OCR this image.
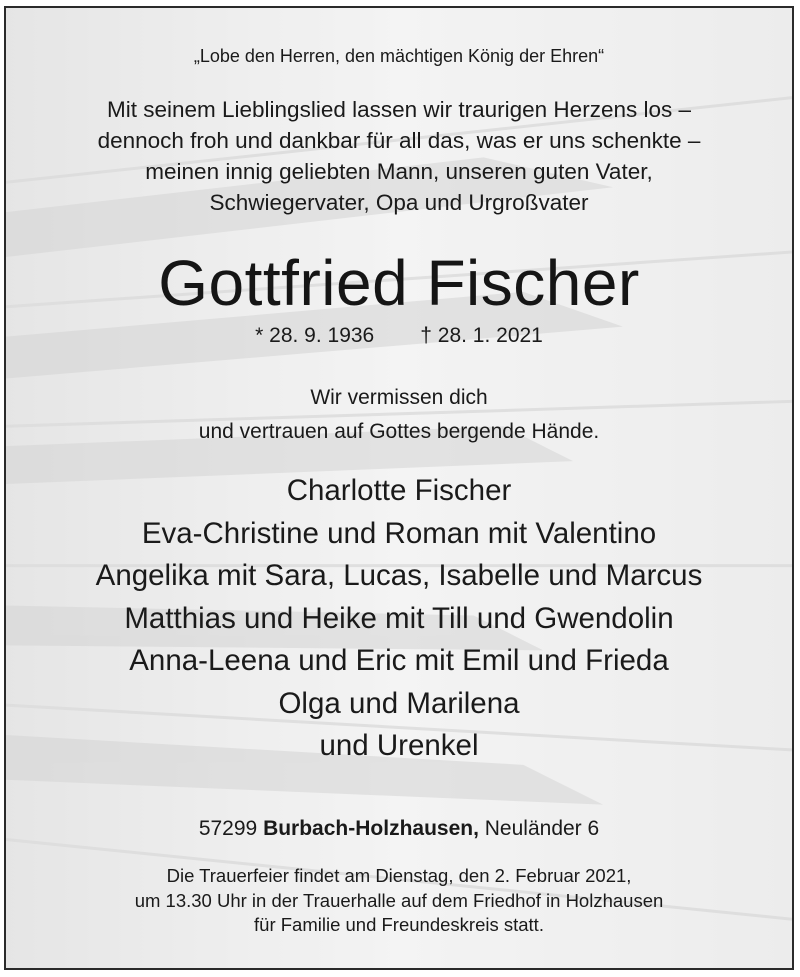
„Lobe den Herren, den mächtigen König der Ehren“
Mit seinem Lieblingslied lassen wir traurigen Herzens los –
dennoch froh und dankbar für all das, was er uns schenkte –
meinen innig geliebten Mann, unseren guten Vater,
Schwiegervater, Opa und Urgroßvater
Gottfried Fischer
* 28. 9. 1936 † 28. 1. 2021
Wir vermissen dich
und vertrauen auf Gottes bergende Hände.
Charlotte Fischer
Eva-Christine und Roman mit Valentino
Angelika mit Sara, Lucas, Isabelle und Marcus
Matthias und Heike mit Till und Gwendolin
Anna-Leena und Eric mit Emil und Frieda
Olga und Marilena
und Urenkel
57299 Burbach-Holzhausen, Neuländer 6
Die Trauerfeier findet am Dienstag, den 2. Februar 2021,
um 13.30 Uhr in der Trauerhalle auf dem Friedhof in Holzhausen
für Familie und Freundeskreis statt.
